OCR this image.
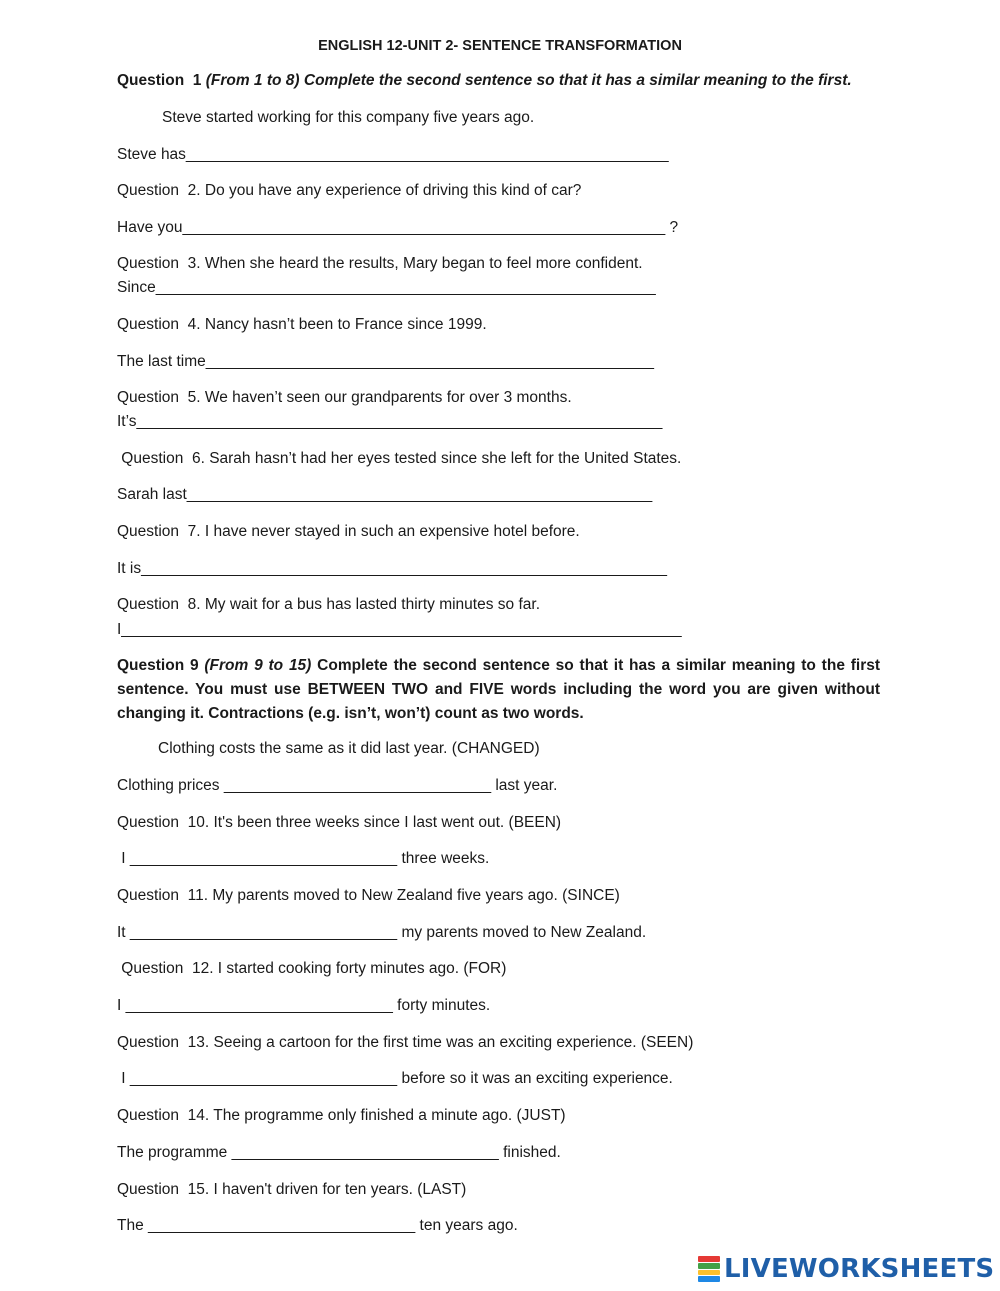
ENGLISH 12-UNIT 2- SENTENCE TRANSFORMATION
Question  1 (From 1 to 8) Complete the second sentence so that it has a similar meaning to the first.
Steve started working for this company five years ago.
Steve has________________________________________________________
Question  2. Do you have any experience of driving this kind of car?
Have you________________________________________________________ ?
Question  3. When she heard the results, Mary began to feel more confident.
Since__________________________________________________________
Question  4. Nancy hasn’t been to France since 1999.
The last time____________________________________________________
Question  5. We haven’t seen our grandparents for over 3 months.
It’s_____________________________________________________________
Question  6. Sarah hasn’t had her eyes tested since she left for the United States.
Sarah last______________________________________________________
Question  7. I have never stayed in such an expensive hotel before.
It is_____________________________________________________________
Question  8. My wait for a bus has lasted thirty minutes so far.
I_________________________________________________________________
Question 9 (From 9 to 15) Complete the second sentence so that it has a similar meaning to the first sentence. You must use BETWEEN TWO and FIVE words including the word you are given without changing it. Contractions (e.g. isn’t, won’t) count as two words.
Clothing costs the same as it did last year. (CHANGED)
Clothing prices _______________________________ last year.
Question  10. It's been three weeks since I last went out. (BEEN)
I _______________________________ three weeks.
Question  11. My parents moved to New Zealand five years ago. (SINCE)
It _______________________________ my parents moved to New Zealand.
Question  12. I started cooking forty minutes ago. (FOR)
I _______________________________ forty minutes.
Question  13. Seeing a cartoon for the first time was an exciting experience. (SEEN)
I _______________________________ before so it was an exciting experience.
Question  14. The programme only finished a minute ago. (JUST)
The programme _______________________________ finished.
Question  15. I haven't driven for ten years. (LAST)
The _______________________________ ten years ago.
LIVEWORKSHEETS
